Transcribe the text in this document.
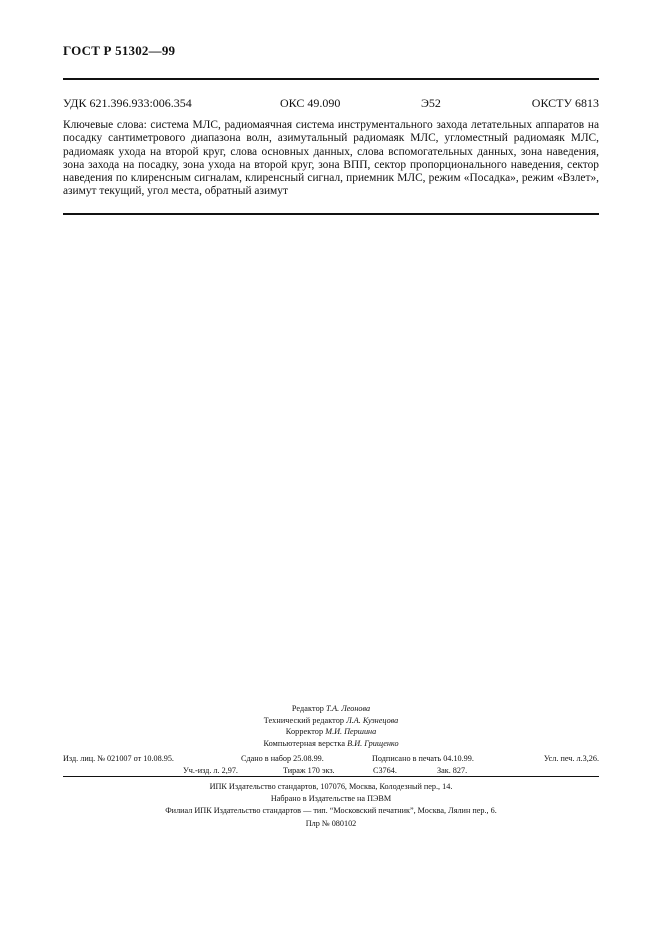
ГОСТ Р 51302—99
УДК 621.396.933:006.354	ОКС 49.090	Э52	ОКСТУ 6813
Ключевые слова: система МЛС, радиомаячная система инструментального захода летательных аппаратов на посадку сантиметрового диапазона волн, азимутальный радиомаяк МЛС, угломестный радиомаяк МЛС, радиомаяк ухода на второй круг, слова основных данных, слова вспомогательных данных, зона наведения, зона захода на посадку, зона ухода на второй круг, зона ВПП, сектор пропорционального наведения, сектор наведения по клиренсным сигналам, клиренсный сигнал, приемник МЛС, режим «Посадка», режим «Взлет», азимут текущий, угол места, обратный азимут
Редактор Т.А. Леонова
Технический редактор Л.А. Кузнецова
Корректор М.И. Першина
Компьютерная верстка В.И. Грищенко
Изд. лиц. № 021007 от 10.08.95.	Сдано в набор 25.08.99.	Подписано в печать 04.10.99.	Усл. печ. л.3,26.
Уч.-изд. л. 2,97.	Тираж 170 экз.	С3764.	Зак. 827.
ИПК Издательство стандартов, 107076, Москва, Колодезный пер., 14.
Набрано в Издательстве на ПЭВМ
Филиал ИПК Издательство стандартов — тип. “Московский печатник”, Москва, Лялин пер., 6.
Плр № 080102
